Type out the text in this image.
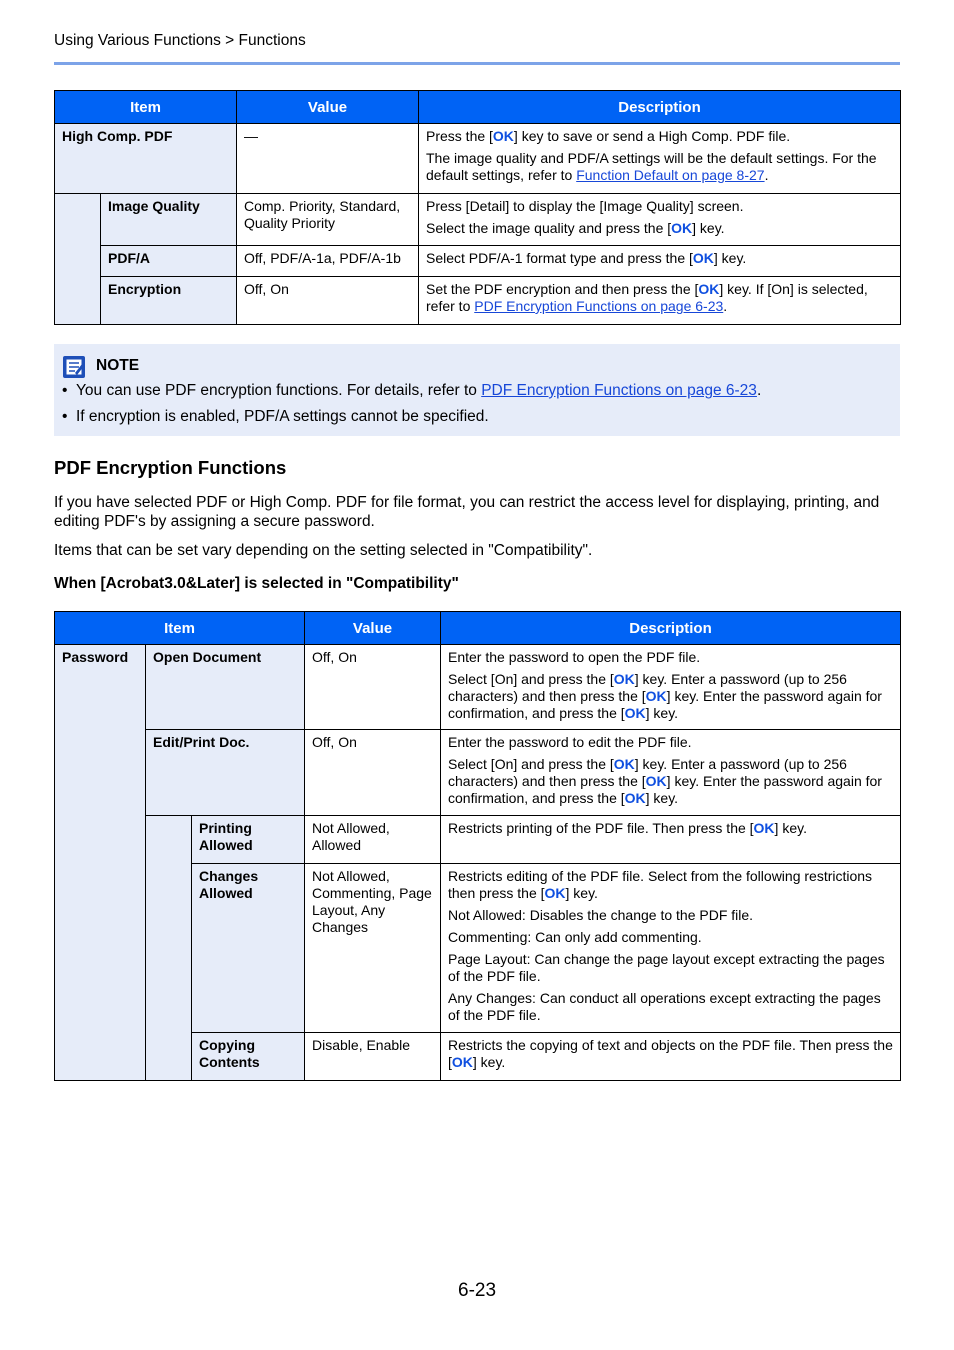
Using Various Functions > Functions
Item		Value	Description
High Comp. PDF		—	Press the [OK] key to save or send a High Comp. PDF file.
The image quality and PDF/A settings will be the default settings. For the default settings, refer to Function Default on page 8-27.

	Image Quality	Comp. Priority, Standard, Quality Priority	Press [Detail] to display the [Image Quality] screen.
Select the image quality and press the [OK] key.

	PDF/A	Off, PDF/A-1a, PDF/A-1b	Select PDF/A-1 format type and press the [OK] key.

	Encryption	Off, On	Set the PDF encryption and then press the [OK] key. If [On] is selected, refer to PDF Encryption Functions on page 6-23.
NOTE
• You can use PDF encryption functions. For details, refer to PDF Encryption Functions on page 6-23.
• If encryption is enabled, PDF/A settings cannot be specified.
PDF Encryption Functions
If you have selected PDF or High Comp. PDF for file format, you can restrict the access level for displaying, printing, and editing PDF's by assigning a secure password.
Items that can be set vary depending on the setting selected in "Compatibility".
When [Acrobat3.0&Later] is selected in "Compatibility"
Item			Value	Description
Password	Open Document		Off, On	Enter the password to open the PDF file.
Select [On] and press the [OK] key. Enter a password (up to 256 characters) and then press the [OK] key. Enter the password again for confirmation, and press the [OK] key.

	Edit/Print Doc.		Off, On	Enter the password to edit the PDF file.
Select [On] and press the [OK] key. Enter a password (up to 256 characters) and then press the [OK] key. Enter the password again for confirmation, and press the [OK] key.

		Printing Allowed	Not Allowed, Allowed	Restricts printing of the PDF file. Then press the [OK] key.

		Changes Allowed	Not Allowed, Commenting, Page Layout, Any Changes	Restricts editing of the PDF file. Select from the following restrictions then press the [OK] key.
Not Allowed: Disables the change to the PDF file.
Commenting: Can only add commenting.
Page Layout: Can change the page layout except extracting the pages of the PDF file.
Any Changes: Can conduct all operations except extracting the pages of the PDF file.

		Copying Contents	Disable, Enable	Restricts the copying of text and objects on the PDF file. Then press the [OK] key.
6-23
